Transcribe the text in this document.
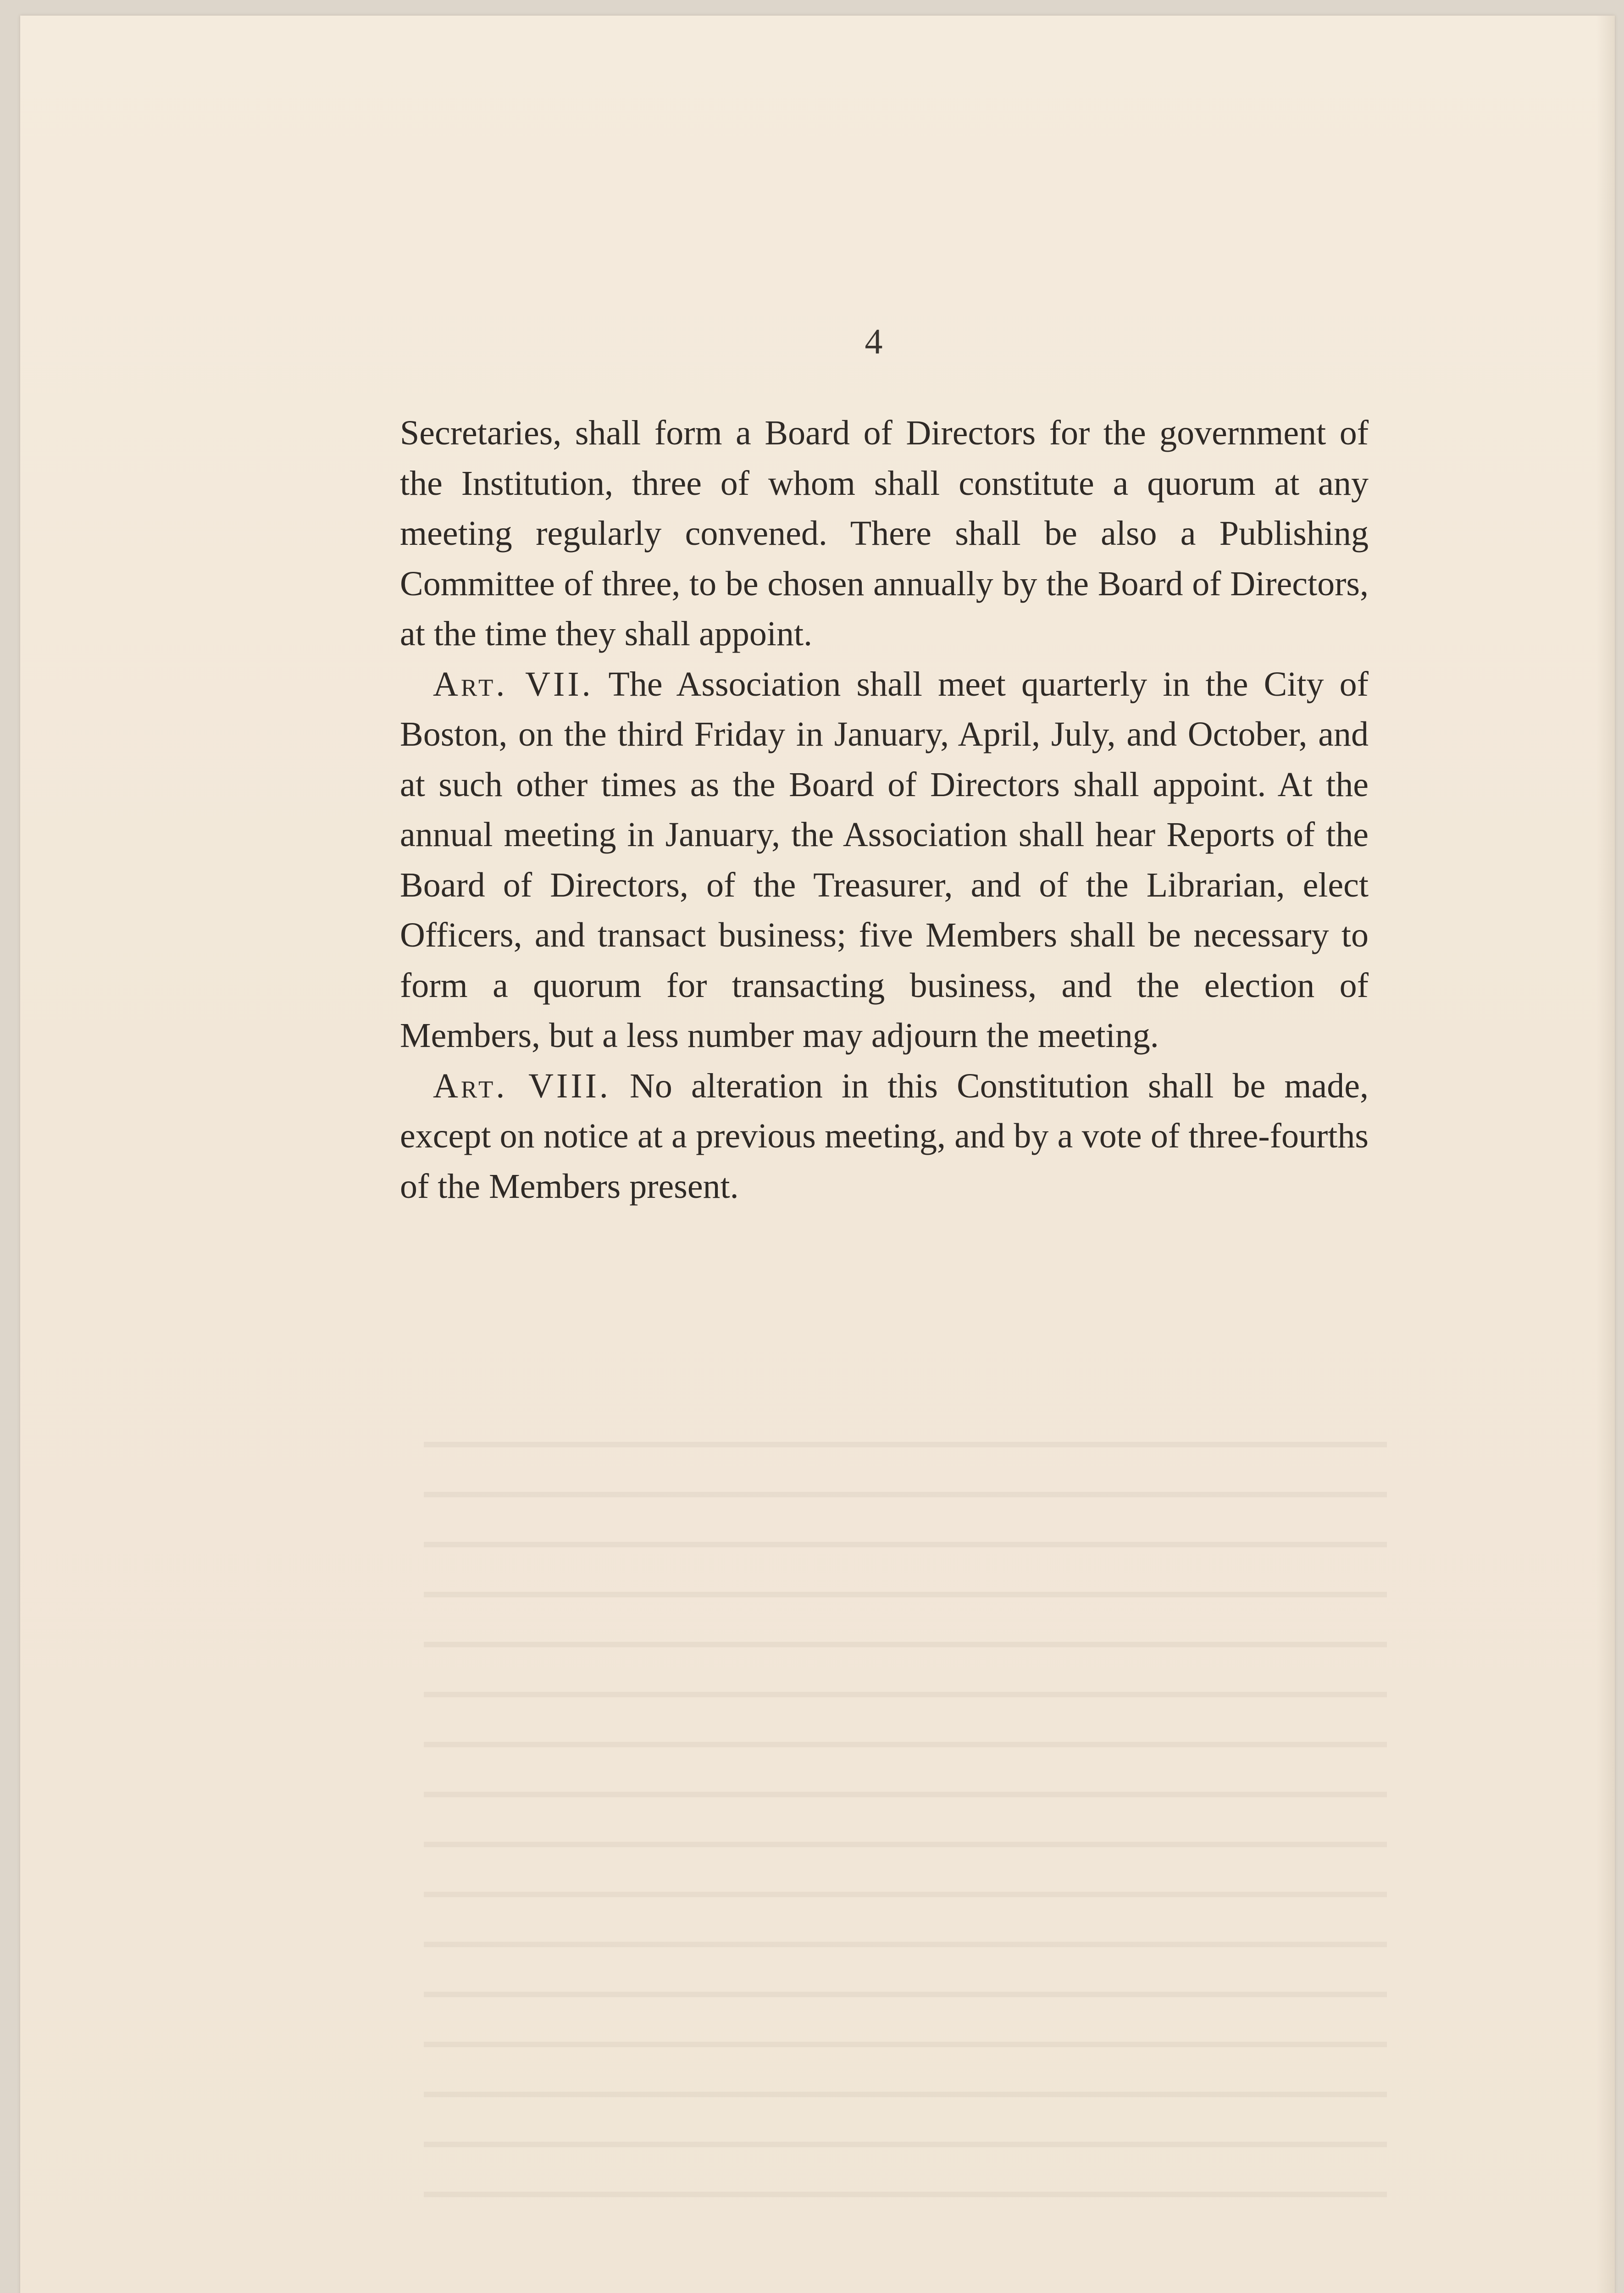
4

Secretaries, shall form a Board of Directors for the government of the Institution, three of whom shall constitute a quorum at any meeting regularly convened. There shall be also a Publishing Committee of three, to be chosen annually by the Board of Directors, at the time they shall appoint.

Art. VII. The Association shall meet quarterly in the City of Boston, on the third Friday in January, April, July, and October, and at such other times as the Board of Directors shall appoint. At the annual meeting in January, the Association shall hear Reports of the Board of Directors, of the Treasurer, and of the Librarian, elect Officers, and transact business; five Members shall be necessary to form a quorum for transacting business, and the election of Members, but a less number may adjourn the meeting.

Art. VIII. No alteration in this Constitution shall be made, except on notice at a previous meeting, and by a vote of three-fourths of the Members present.
